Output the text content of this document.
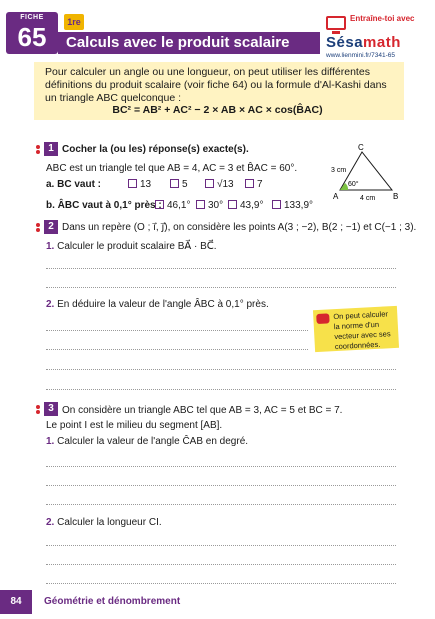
FICHE
65	1re
Calculs avec le produit scalaire
Entraîne-toi avec
Sésamath
www.lienmini.fr/7341-65
Pour calculer un angle ou une longueur, on peut utiliser les différentes définitions du produit scalaire (voir fiche 64) ou la formule d'Al-Kashi dans un triangle ABC quelconque :
BC² = AB² + AC² − 2 × AB × AC × cos(B̂AC)
1 Cocher la (ou les) réponse(s) exacte(s).
ABC est un triangle tel que AB = 4, AC = 3 et B̂AC = 60°.
a. BC vaut :	13	5	√13	7
b. ÂBC vaut à 0,1° près : 46,1°	30°	43,9°	133,9°
60°
C
A	B
3 cm
4 cm
2 Dans un repère (O ; i⃗, j⃗), on considère les points A(3 ; −2), B(2 ; −1) et C(−1 ; 3).
1. Calculer le produit scalaire BA⃗ · BC⃗.
2. En déduire la valeur de l'angle ÂBC à 0,1° près.
On peut calculer la norme d'un vecteur avec ses coordonnées.
3 On considère un triangle ABC tel que AB = 3, AC = 5 et BC = 7.
Le point I est le milieu du segment [AB].
1. Calculer la valeur de l'angle ĈAB en degré.
2. Calculer la longueur CI.
84	Géométrie et dénombrement
